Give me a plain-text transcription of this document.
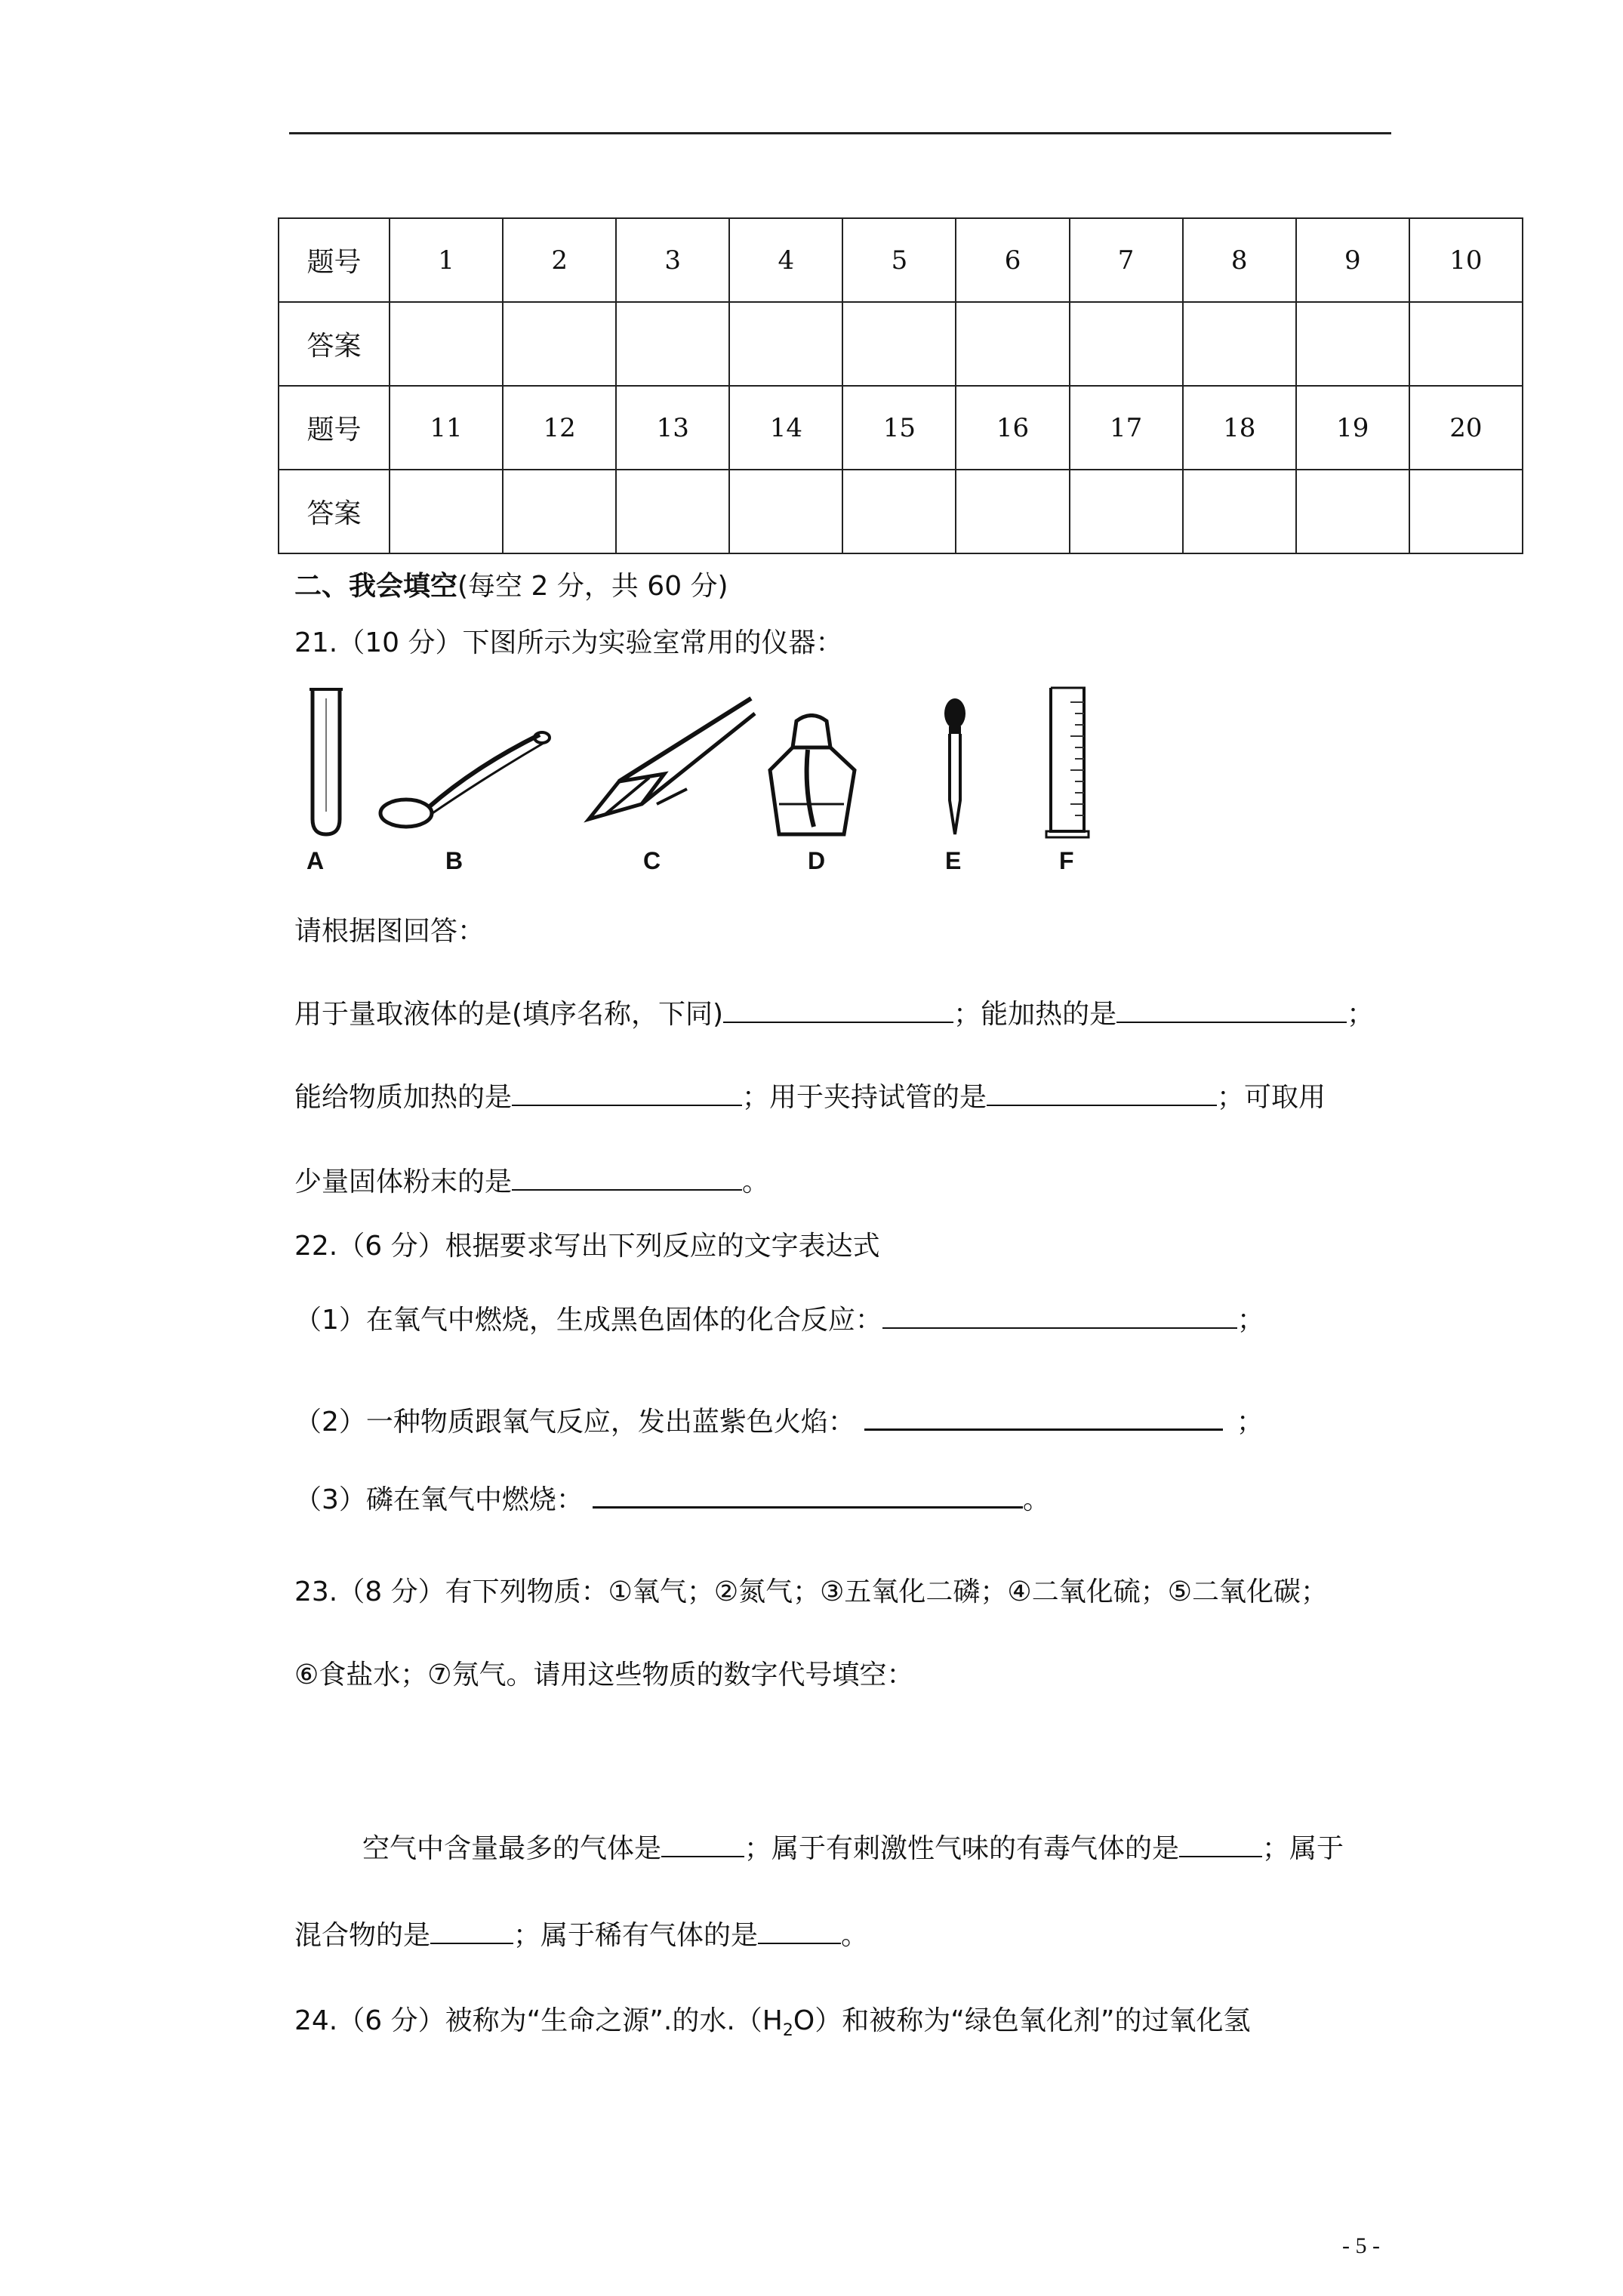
题号	1	2	3	4	5	6	7	8	9	10
答案										
题号	11	12	13	14	15	16	17	18	19	20
答案										
二、我会填空(每空 2 分，共 60 分)
21.（10 分）下图所示为实验室常用的仪器：
A	B	C	D	E	F
请根据图回答：
用于量取液体的是(填序名称，下同)	；能加热的是	；
能给物质加热的是	；用于夹持试管的是	；可取用
少量固体粉末的是	。
22.（6 分）根据要求写出下列反应的文字表达式
（1）在氧气中燃烧，生成黑色固体的化合反应：	；
（2）一种物质跟氧气反应，发出蓝紫色火焰：	；
（3）磷在氧气中燃烧：	。
23.（8 分）有下列物质：①氧气；②氮气；③五氧化二磷；④二氧化硫；⑤二氧化碳；
⑥食盐水；⑦氖气。请用这些物质的数字代号填空：
空气中含量最多的气体是	；属于有刺激性气味的有毒气体的是	；属于
混合物的是	；属于稀有气体的是	。
24.（6 分）被称为“生命之源”.的水$.(H_2O)$和被称为“绿色氧化剂”的过氧化氢
- 5 -
